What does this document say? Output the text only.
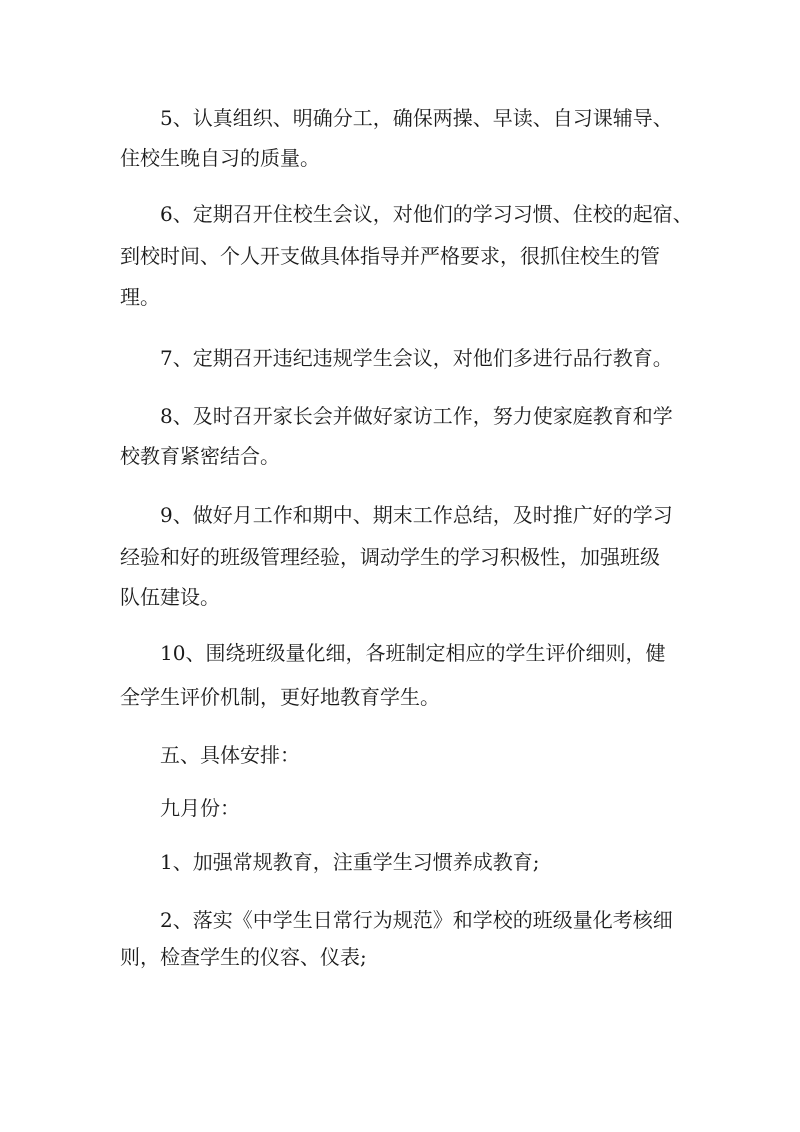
5、认真组织、明确分工，确保两操、早读、自习课辅导、
住校生晚自习的质量。
6、定期召开住校生会议，对他们的学习习惯、住校的起宿、
到校时间、个人开支做具体指导并严格要求，很抓住校生的管
理。
7、定期召开违纪违规学生会议，对他们多进行品行教育。
8、及时召开家长会并做好家访工作，努力使家庭教育和学
校教育紧密结合。
9、做好月工作和期中、期末工作总结，及时推广好的学习
经验和好的班级管理经验，调动学生的学习积极性，加强班级
队伍建设。
10、围绕班级量化细，各班制定相应的学生评价细则，健
全学生评价机制，更好地教育学生。
五、具体安排：
九月份：
1、加强常规教育，注重学生习惯养成教育;
2、落实《中学生日常行为规范》和学校的班级量化考核细
则，检查学生的仪容、仪表;
